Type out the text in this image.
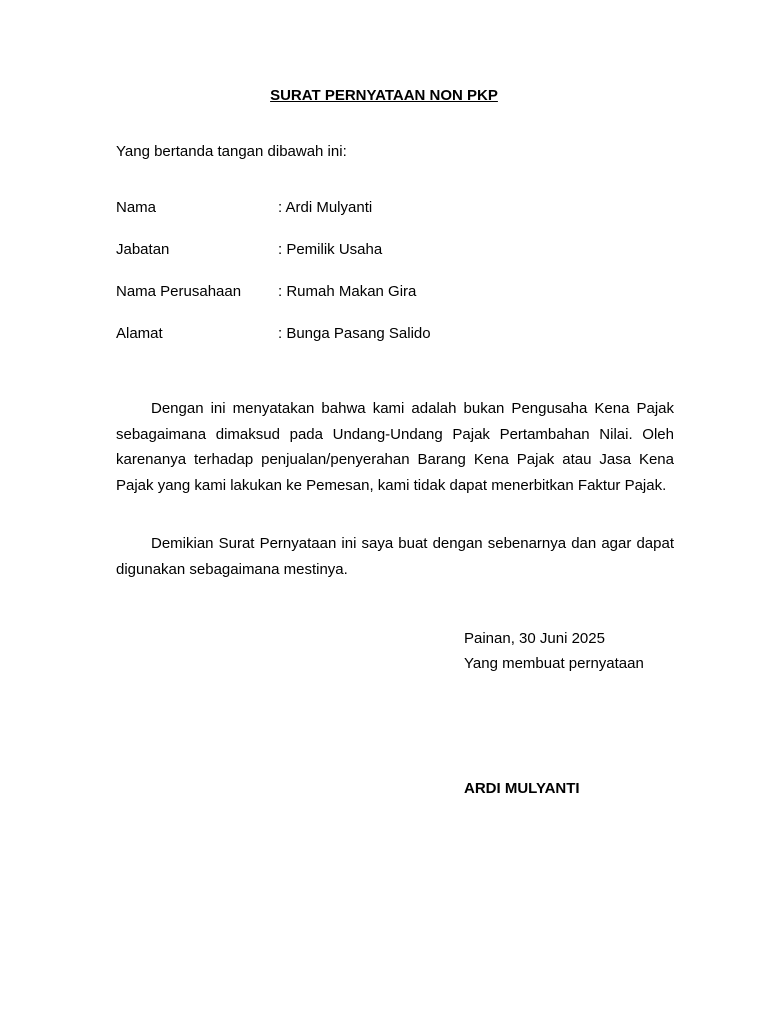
SURAT PERNYATAAN NON PKP
Yang bertanda tangan dibawah ini:
Nama	: Ardi Mulyanti
Jabatan	: Pemilik Usaha
Nama Perusahaan : Rumah Makan Gira
Alamat	: Bunga Pasang Salido

Dengan ini menyatakan bahwa kami adalah bukan Pengusaha Kena Pajak sebagaimana dimaksud pada Undang-Undang Pajak Pertambahan Nilai. Oleh karenanya terhadap penjualan/penyerahan Barang Kena Pajak atau Jasa Kena Pajak yang kami lakukan ke Pemesan, kami tidak dapat menerbitkan Faktur Pajak.

Demikian Surat Pernyataan ini saya buat dengan sebenarnya dan agar dapat digunakan sebagaimana mestinya.

Painan, 30 Juni 2025
Yang membuat pernyataan
ARDI MULYANTI
